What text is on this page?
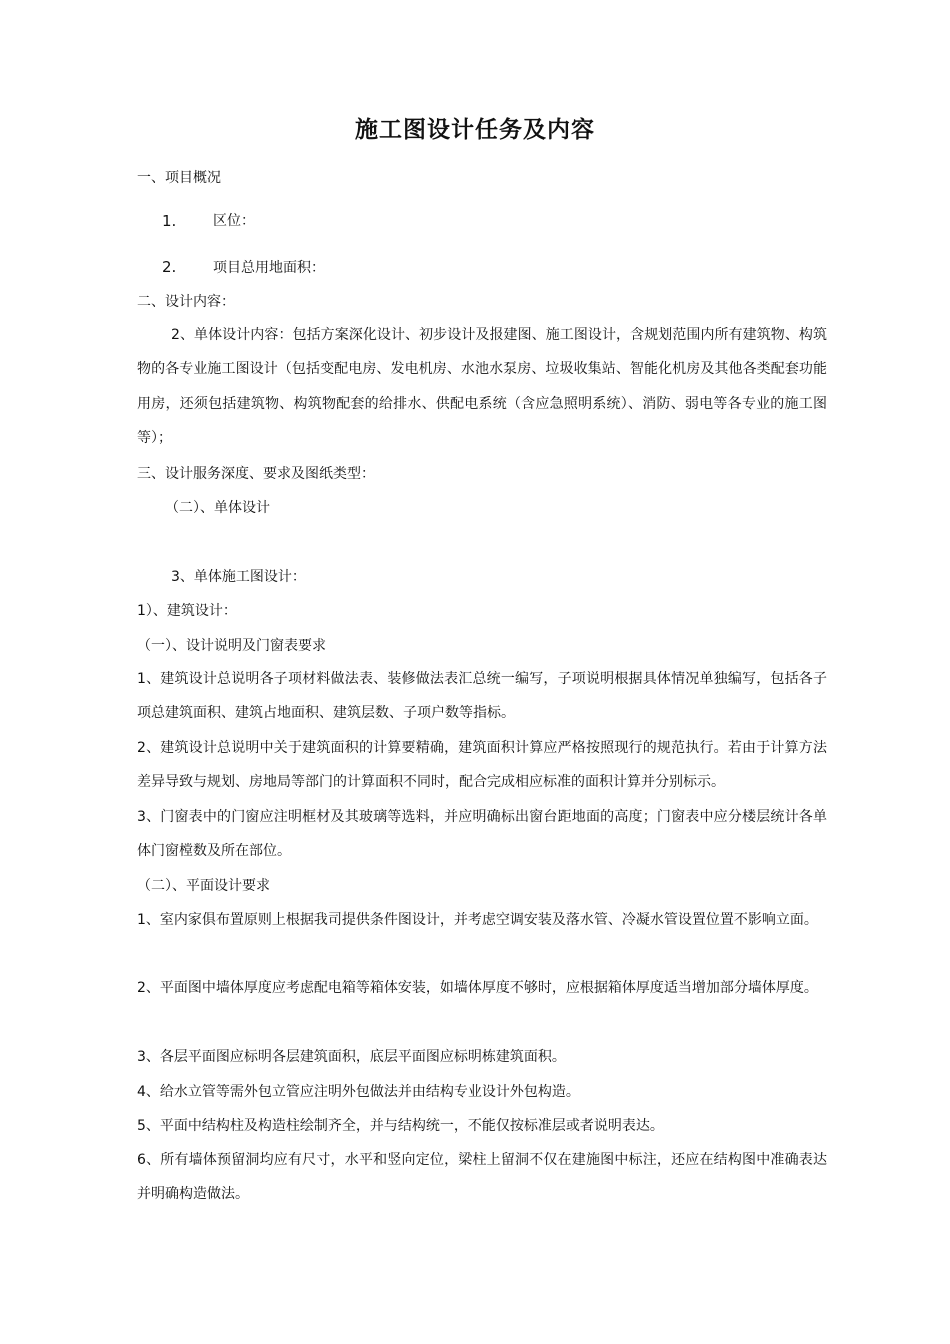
施工图设计任务及内容
一、项目概况
1.	区位：
2.	项目总用地面积：
二、设计内容：
2、单体设计内容：包括方案深化设计、初步设计及报建图、施工图设计，含规划范围内所有建筑物、构筑物的各专业施工图设计（包括变配电房、发电机房、水池水泵房、垃圾收集站、智能化机房及其他各类配套功能用房，还须包括建筑物、构筑物配套的给排水、供配电系统（含应急照明系统）、消防、弱电等各专业的施工图等）；
三、设计服务深度、要求及图纸类型：
（二）、单体设计
3、单体施工图设计：
1）、建筑设计：
（一）、设计说明及门窗表要求
1、建筑设计总说明各子项材料做法表、装修做法表汇总统一编写，子项说明根据具体情况单独编写，包括各子项总建筑面积、建筑占地面积、建筑层数、子项户数等指标。
2、建筑设计总说明中关于建筑面积的计算要精确，建筑面积计算应严格按照现行的规范执行。若由于计算方法差异导致与规划、房地局等部门的计算面积不同时，配合完成相应标准的面积计算并分别标示。
3、门窗表中的门窗应注明框材及其玻璃等选料，并应明确标出窗台距地面的高度；门窗表中应分楼层统计各单体门窗樘数及所在部位。
（二）、平面设计要求
1、室内家俱布置原则上根据我司提供条件图设计，并考虑空调安装及落水管、冷凝水管设置位置不影响立面。
2、平面图中墙体厚度应考虑配电箱等箱体安装，如墙体厚度不够时，应根据箱体厚度适当增加部分墙体厚度。
3、各层平面图应标明各层建筑面积，底层平面图应标明栋建筑面积。
4、给水立管等需外包立管应注明外包做法并由结构专业设计外包构造。
5、平面中结构柱及构造柱绘制齐全，并与结构统一，不能仅按标准层或者说明表达。
6、所有墙体预留洞均应有尺寸，水平和竖向定位，梁柱上留洞不仅在建施图中标注，还应在结构图中准确表达并明确构造做法。
